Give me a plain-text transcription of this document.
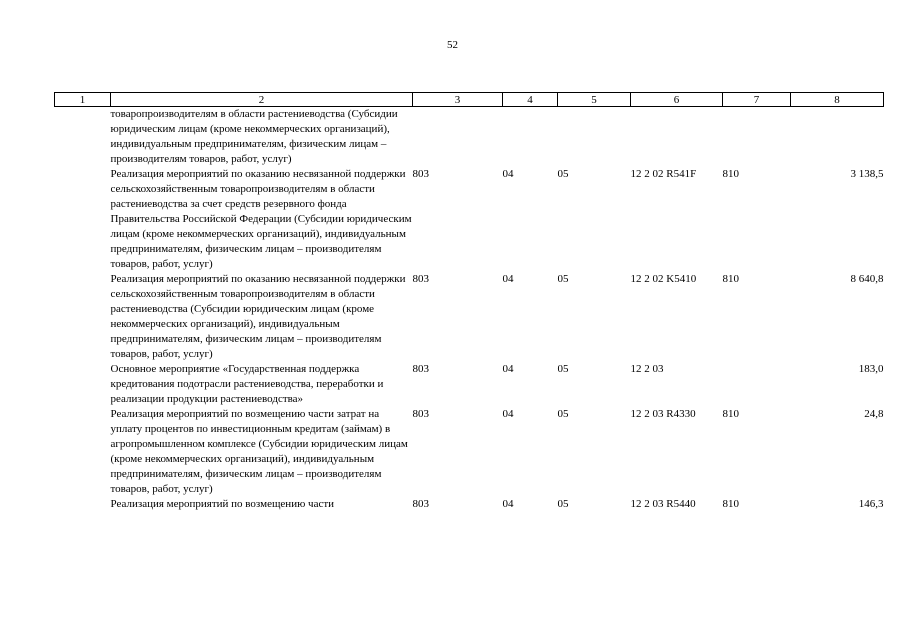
52
1	2	3	4	5	6	7	8
	товаропроизводителям в области растениеводства (Субсидии юридическим лицам (кроме некоммерческих организаций), индивидуальным предпринимателям, физическим лицам – производителям товаров, работ, услуг)						
	Реализация мероприятий по оказанию несвязанной поддержки сельскохозяйственным товаропроизводителям в области растениеводства за счет средств резервного фонда Правительства Российской Федерации (Субсидии юридическим лицам (кроме некоммерческих организаций), индивидуальным предпринимателям, физическим лицам – производителям товаров, работ, услуг)	803	04	05	12 2 02 R541F	810	3 138,5
	Реализация мероприятий по оказанию несвязанной поддержки сельскохозяйственным товаропроизводителям в области растениеводства (Субсидии юридическим лицам (кроме некоммерческих организаций), индивидуальным предпринимателям, физическим лицам – производителям товаров, работ, услуг)	803	04	05	12 2 02 K5410	810	8 640,8
	Основное мероприятие «Государственная поддержка кредитования подотрасли растениеводства, переработки и реализации продукции растениеводства»	803	04	05	12 2 03		183,0
	Реализация мероприятий по возмещению части затрат на уплату процентов по инвестиционным кредитам (займам) в агропромышленном комплексе (Субсидии юридическим лицам (кроме некоммерческих организаций), индивидуальным предпринимателям, физическим лицам – производителям товаров, работ, услуг)	803	04	05	12 2 03 R4330	810	24,8
	Реализация мероприятий по возмещению части	803	04	05	12 2 03 R5440	810	146,3
